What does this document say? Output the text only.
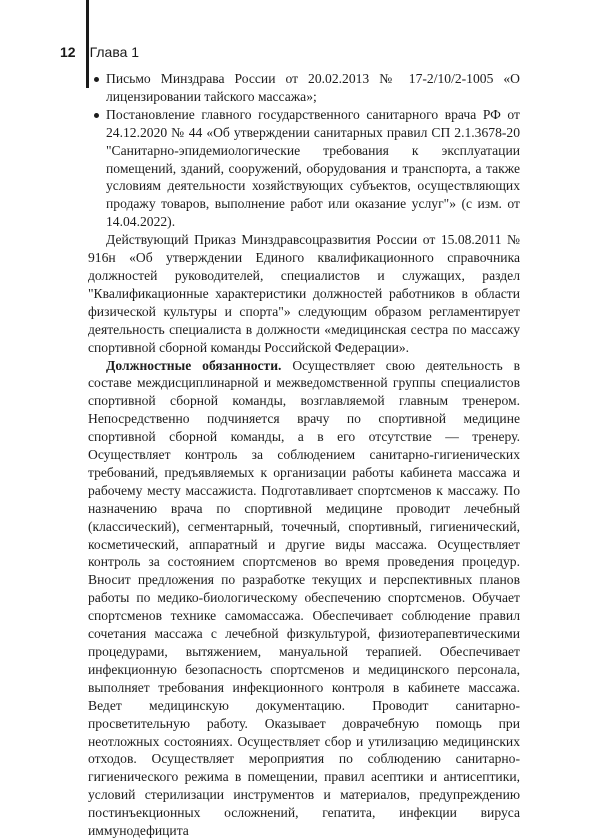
12 Глава 1
Письмо Минздрава России от 20.02.2013 № 17-2/10/2-1005 «О лицензировании тайского массажа»;
Постановление главного государственного санитарного врача РФ от 24.12.2020 № 44 «Об утверждении санитарных правил СП 2.1.3678-20 "Санитарно-эпидемиологические требования к эксплуатации помещений, зданий, сооружений, оборудования и транспорта, а также условиям деятельности хозяйствующих субъектов, осуществляющих продажу товаров, выполнение работ или оказание услуг"» (с изм. от 14.04.2022).

Действующий Приказ Минздравсоцразвития России от 15.08.2011 № 916н «Об утверждении Единого квалификационного справочника должностей руководителей, специалистов и служащих, раздел "Квалификационные характеристики должностей работников в области физической культуры и спорта"» следующим образом регламентирует деятельность специалиста в должности «медицинская сестра по массажу спортивной сборной команды Российской Федерации».

Должностные обязанности. Осуществляет свою деятельность в составе междисциплинарной и межведомственной группы специалистов спортивной сборной команды, возглавляемой главным тренером. Непосредственно подчиняется врачу по спортивной медицине спортивной сборной команды, а в его отсутствие — тренеру. Осуществляет контроль за соблюдением санитарно-гигиенических требований, предъявляемых к организации работы кабинета массажа и рабочему месту массажиста. Подготавливает спортсменов к массажу. По назначению врача по спортивной медицине проводит лечебный (классический), сегментарный, точечный, спортивный, гигиенический, косметический, аппаратный и другие виды массажа. Осуществляет контроль за состоянием спортсменов во время проведения процедур. Вносит предложения по разработке текущих и перспективных планов работы по медико-биологическому обеспечению спортсменов. Обучает спортсменов технике самомассажа. Обеспечивает соблюдение правил сочетания массажа с лечебной физкультурой, физиотерапевтическими процедурами, вытяжением, мануальной терапией. Обеспечивает инфекционную безопасность спортсменов и медицинского персонала, выполняет требования инфекционного контроля в кабинете массажа. Ведет медицинскую документацию. Проводит санитарно-просветительную работу. Оказывает доврачебную помощь при неотложных состояниях. Осуществляет сбор и утилизацию медицинских отходов. Осуществляет мероприятия по соблюдению санитарно-гигиенического режима в помещении, правил асептики и антисептики, условий стерилизации инструментов и материалов, предупреждению постинъекционных осложнений, гепатита, инфекции вируса иммунодефицита
